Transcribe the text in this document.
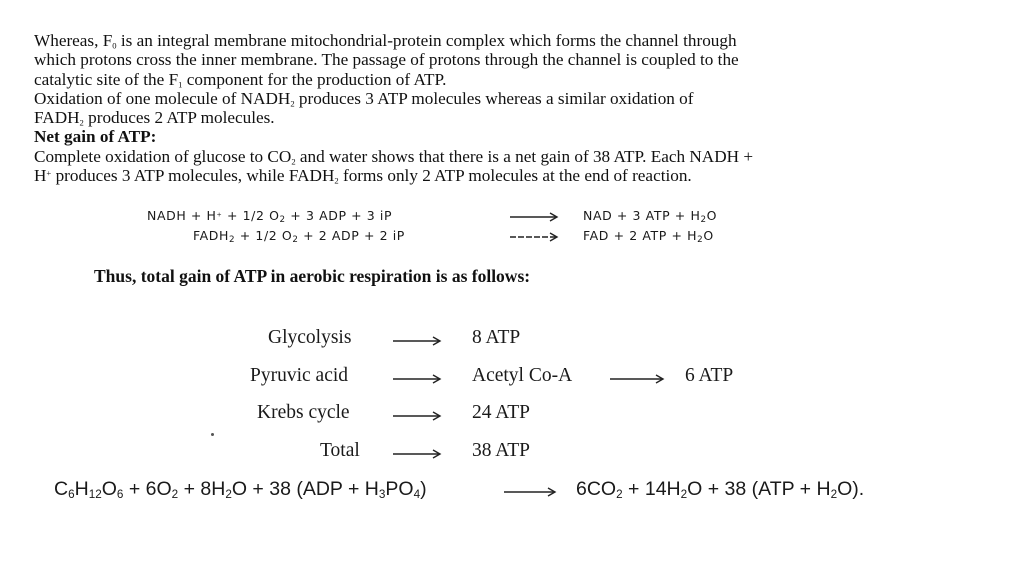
Whereas, $F_0$ is an integral membrane mitochondrial-protein complex which forms the channel through
which protons cross the inner membrane. The passage of protons through the channel is coupled to the
catalytic site of the $F_1$ component for the production of ATP.
Oxidation of one molecule of $NADH_2$ produces 3 ATP molecules whereas a similar oxidation of
$FADH_2$ produces 2 ATP molecules.
Net gain of ATP:
Complete oxidation of glucose to $CO_2$ and water shows that there is a net gain of 38 ATP. Each NADH +
H+ produces 3 ATP molecules, while $FADH_2$ forms only 2 ATP molecules at the end of reaction.
NADH + H+ + 1/2 $O_2 + 3$ ADP + 3 iP	→ NAD + 3 ATP + $H_2O$
$FADH_2 + 1/2$ $O_2 + 2$ ADP + 2 iP	→ FAD + 2 ATP + $H_2O$
Thus, total gain of ATP in aerobic respiration is as follows:
Glycolysis	8 ATP
Pyruvic acid	Acetyl Co-A	6 ATP
Krebs cycle	24 ATP
Total	38 ATP
$C_6H_{12}O_6 + 6O_2 + 8H_2O + 38$ $(ADP + H_3PO_4)$	$6CO_2 + 14H_2O + 38$ $(ATP + H_2O)$.
